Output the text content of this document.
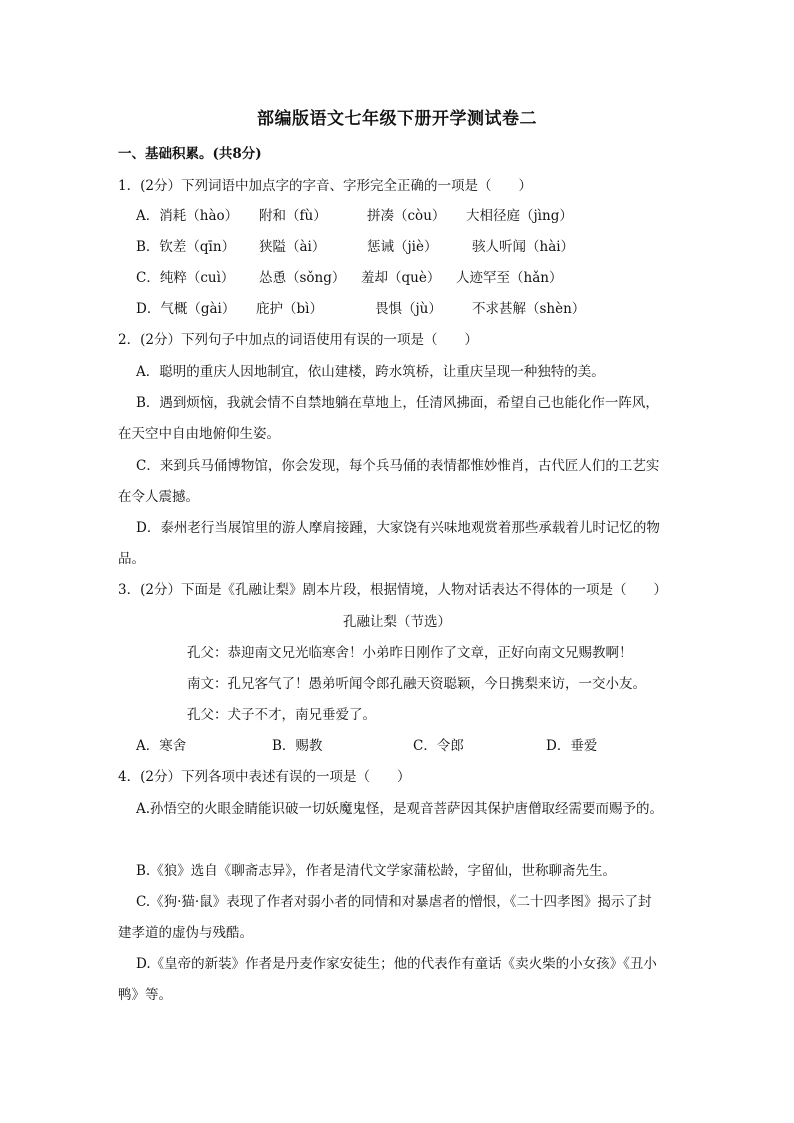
部编版语文七年级下册开学测试卷二
一、基础积累。(共8分)
1．(2分）下列词语中加点字的字音、字形完全正确的一项是（　　）
A．消耗（hào） 附和（fù）	拼凑（còu） 大相径庭（jìng）
B．钦差（qīn） 狭隘（ài）	惩诫（jiè）	骇人听闻（hài）
C．纯粹（cuì） 怂恿（sǒng） 羞却（què） 人迹罕至（hǎn）
D．气概（gài） 庇护（bì）	畏惧（jù） 不求甚解（shèn）
2．(2分）下列句子中加点的词语使用有误的一项是（　　）
A．聪明的重庆人因地制宜，依山建楼，跨水筑桥，让重庆呈现一种独特的美。
B．遇到烦恼，我就会情不自禁地躺在草地上，任清风拂面，希望自己也能化作一阵风，
在天空中自由地俯仰生姿。
C．来到兵马俑博物馆，你会发现，每个兵马俑的表情都惟妙惟肖，古代匠人们的工艺实
在令人震撼。
D．泰州老行当展馆里的游人摩肩接踵，大家饶有兴味地观赏着那些承载着儿时记忆的物
品。
3．(2分）下面是《孔融让梨》剧本片段，根据情境，人物对话表达不得体的一项是（　　）
孔融让梨（节选）
孔父：恭迎南文兄光临寒舍！小弟昨日刚作了文章，正好向南文兄赐教啊！
南文：孔兄客气了！愚弟听闻令郎孔融天资聪颖，今日携梨来访，一交小友。
孔父：犬子不才，南兄垂爱了。
A．寒舍	B．赐教	C．令郎	D．垂爱
4．(2分）下列各项中表述有误的一项是（　　）
A.孙悟空的火眼金睛能识破一切妖魔鬼怪，是观音菩萨因其保护唐僧取经需要而赐予的。
B.《狼》选自《聊斋志异》，作者是清代文学家蒲松龄，字留仙，世称聊斋先生。
C.《狗·猫·鼠》表现了作者对弱小者的同情和对暴虐者的憎恨，《二十四孝图》揭示了封
建孝道的虚伪与残酷。
D.《皇帝的新装》作者是丹麦作家安徒生；他的代表作有童话《卖火柴的小女孩》《丑小
鸭》等。
